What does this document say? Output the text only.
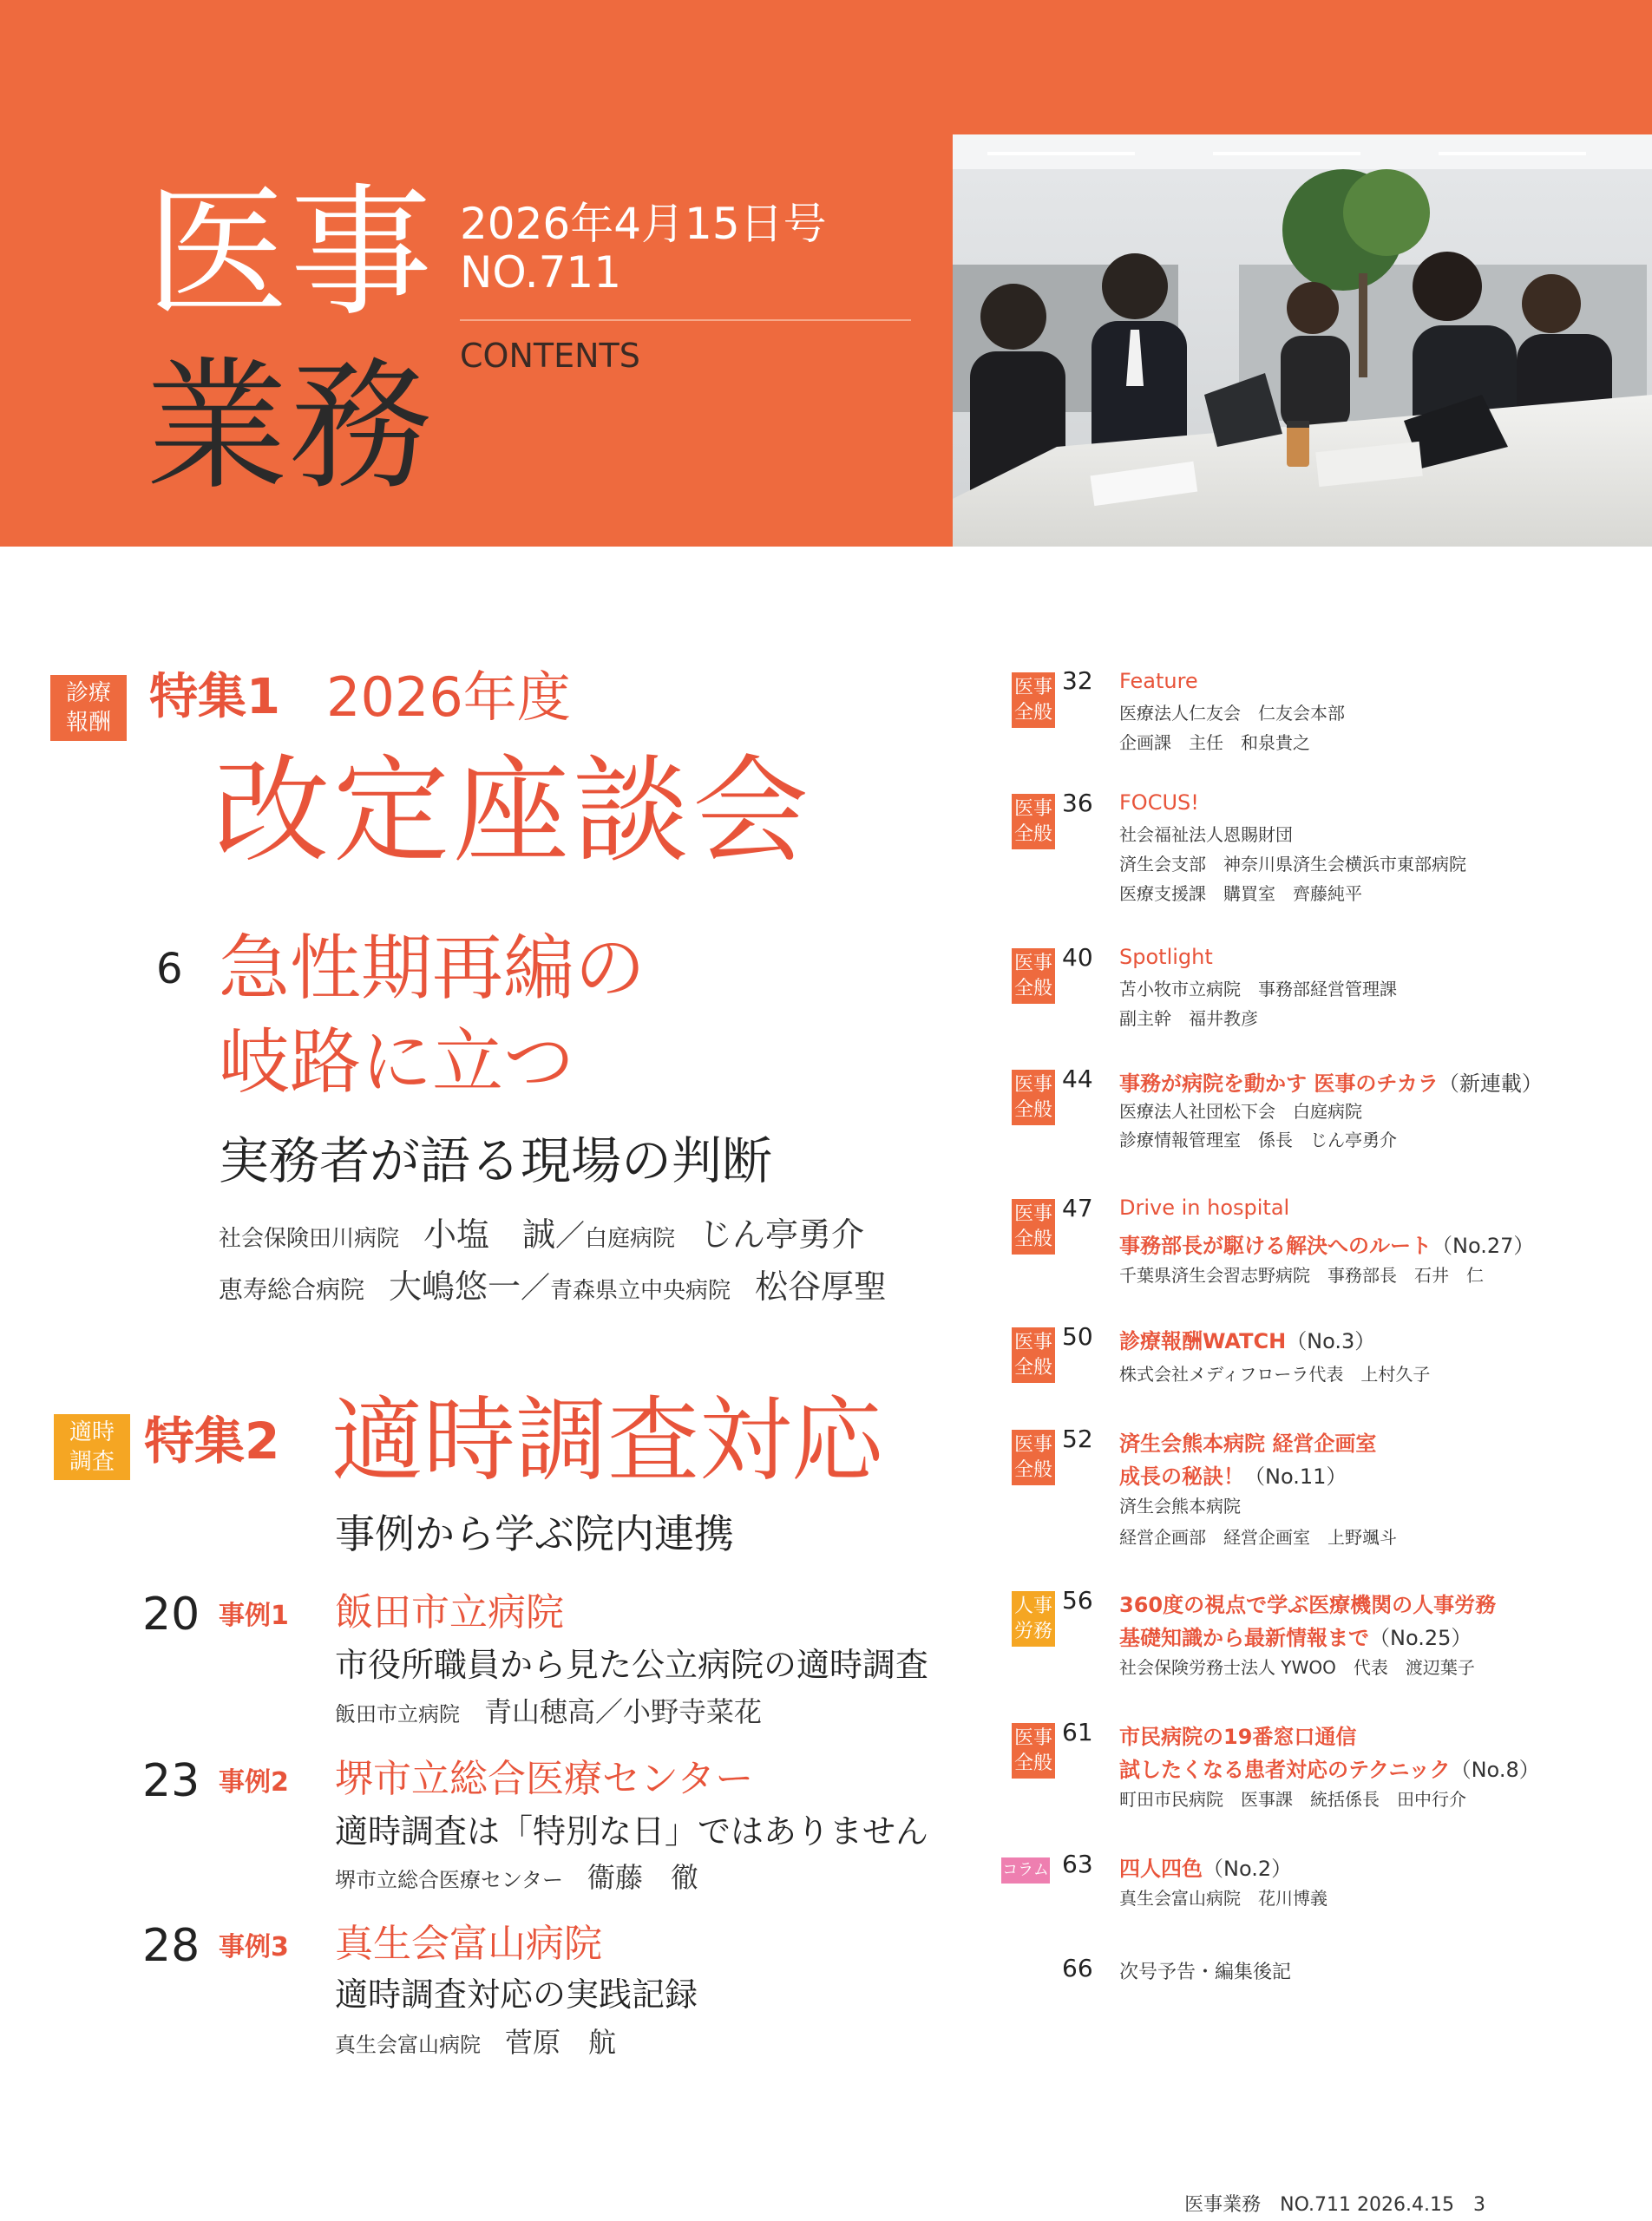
医事
業務
2026年4月15日号
NO.711
CONTENTS
診療
報酬 特集1 2026年度
改定座談会
6 急性期再編の
岐路に立つ
実務者が語る現場の判断
社会保険田川病院 小塩　誠／白庭病院 じん亭勇介
恵寿総合病院 大嶋悠一／青森県立中央病院 松谷厚聖
適時
調査 特集2 適時調査対応
事例から学ぶ院内連携
20 事例1 飯田市立病院
市役所職員から見た公立病院の適時調査
飯田市立病院 青山穂高／小野寺菜花
23 事例2 堺市立総合医療センター
適時調査は「特別な日」ではありません
堺市立総合医療センター 衞藤　徹
28 事例3 真生会富山病院
適時調査対応の実践記録
真生会富山病院 菅原　航
医事
全般
32 Feature
医療法人仁友会　仁友会本部
企画課　主任　和泉貴之
医事
全般
36 FOCUS!
社会福祉法人恩賜財団
済生会支部　神奈川県済生会横浜市東部病院
医療支援課　購買室　齊藤純平
医事
全般
40 Spotlight
苫小牧市立病院　事務部経営管理課
副主幹　福井教彦
医事
全般
44 事務が病院を動かす 医事のチカラ（新連載）
医療法人社団松下会　白庭病院
診療情報管理室　係長　じん亭勇介
医事
全般
47 Drive in hospital
事務部長が駆ける解決へのルート（No.27）
千葉県済生会習志野病院　事務部長　石井　仁
医事
全般
50 診療報酬WATCH（No.3）
株式会社メディフローラ代表　上村久子
医事
全般
52 済生会熊本病院 経営企画室
成長の秘訣！（No.11）
済生会熊本病院
経営企画部　経営企画室　上野颯斗
人事
労務
56 360度の視点で学ぶ医療機関の人事労務
基礎知識から最新情報まで（No.25）
社会保険労務士法人 YWOO　代表　渡辺葉子
医事
全般
61 市民病院の19番窓口通信
試したくなる患者対応のテクニック（No.8）
町田市民病院　医事課　統括係長　田中行介
コラム 63 四人四色（No.2）
真生会富山病院　花川博義
66 次号予告・編集後記
医事業務　NO.711 2026.4.15　3
